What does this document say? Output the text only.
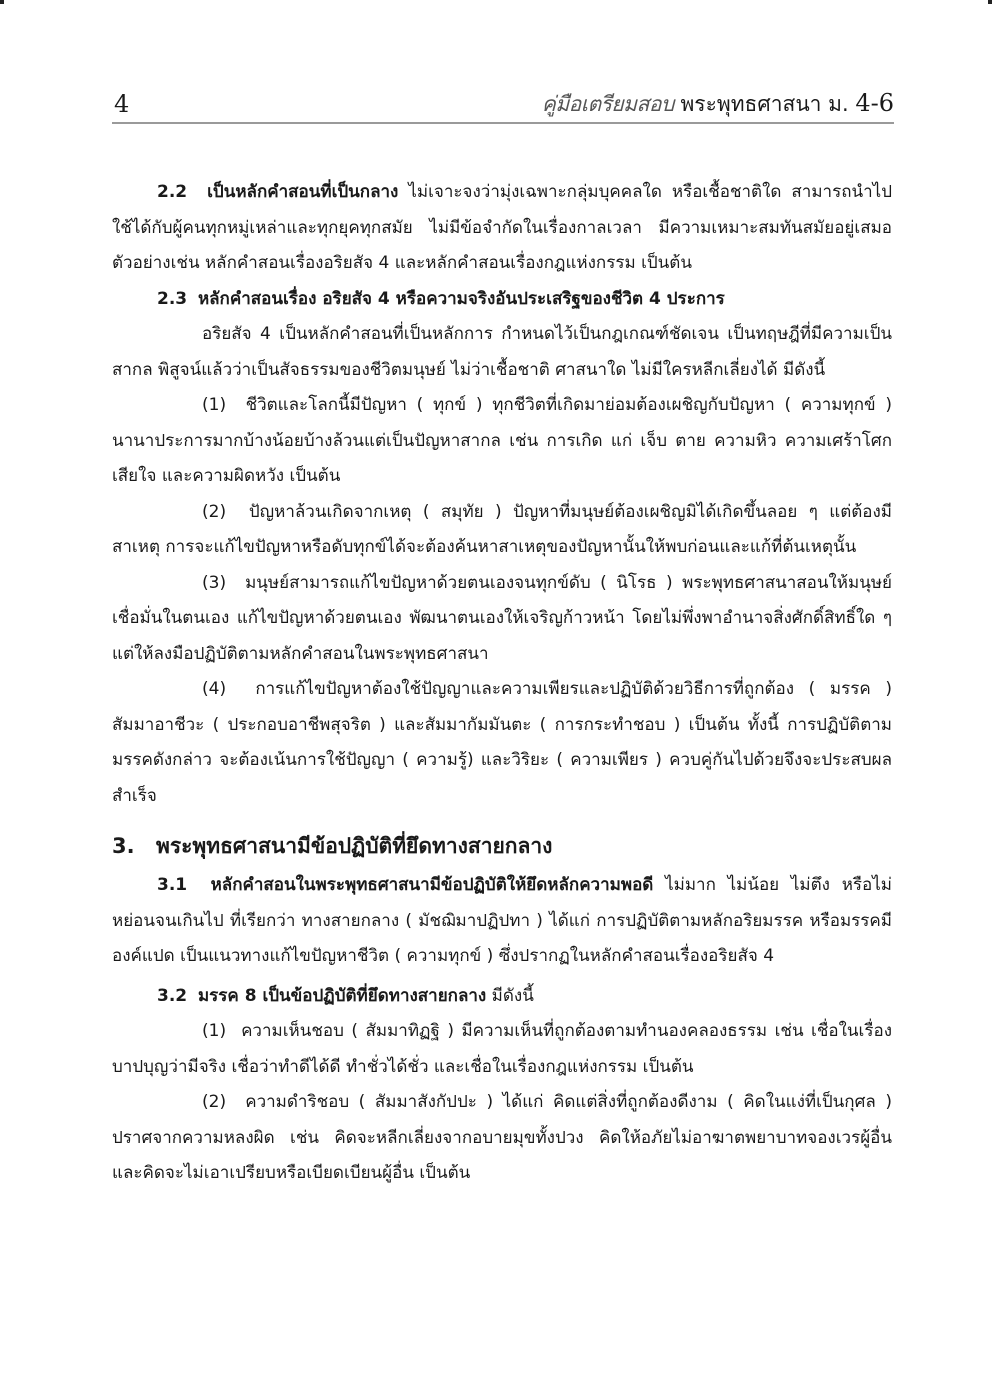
4	คู่มือเตรียมสอบ พระพุทธศาสนา ม. 4-6

2.2 เป็นหลักคำสอนที่เป็นกลาง ไม่เจาะจงว่ามุ่งเฉพาะกลุ่มบุคคลใด หรือเชื้อชาติใด สามารถนำไปใช้ได้กับผู้คนทุกหมู่เหล่าและทุกยุคทุกสมัย ไม่มีข้อจำกัดในเรื่องกาลเวลา มีความเหมาะสมทันสมัยอยู่เสมอ ตัวอย่างเช่น หลักคำสอนเรื่องอริยสัจ 4 และหลักคำสอนเรื่องกฎแห่งกรรม เป็นต้น

2.3 หลักคำสอนเรื่อง อริยสัจ 4 หรือความจริงอันประเสริฐของชีวิต 4 ประการ

อริยสัจ 4 เป็นหลักคำสอนที่เป็นหลักการ กำหนดไว้เป็นกฎเกณฑ์ชัดเจน เป็นทฤษฎีที่มีความเป็นสากล พิสูจน์แล้วว่าเป็นสัจธรรมของชีวิตมนุษย์ ไม่ว่าเชื้อชาติ ศาสนาใด ไม่มีใครหลีกเลี่ยงได้ มีดังนี้

(1) ชีวิตและโลกนี้มีปัญหา ( ทุกข์ ) ทุกชีวิตที่เกิดมาย่อมต้องเผชิญกับปัญหา ( ความทุกข์ ) นานาประการมากบ้างน้อยบ้างล้วนแต่เป็นปัญหาสากล เช่น การเกิด แก่ เจ็บ ตาย ความหิว ความเศร้าโศกเสียใจ และความผิดหวัง เป็นต้น

(2) ปัญหาล้วนเกิดจากเหตุ ( สมุทัย ) ปัญหาที่มนุษย์ต้องเผชิญมิได้เกิดขึ้นลอย ๆ แต่ต้องมีสาเหตุ การจะแก้ไขปัญหาหรือดับทุกข์ได้จะต้องค้นหาสาเหตุของปัญหานั้นให้พบก่อนและแก้ที่ต้นเหตุนั้น

(3) มนุษย์สามารถแก้ไขปัญหาด้วยตนเองจนทุกข์ดับ ( นิโรธ ) พระพุทธศาสนาสอนให้มนุษย์เชื่อมั่นในตนเอง แก้ไขปัญหาด้วยตนเอง พัฒนาตนเองให้เจริญก้าวหน้า โดยไม่พึ่งพาอำนาจสิ่งศักดิ์สิทธิ์ใด ๆ แต่ให้ลงมือปฏิบัติตามหลักคำสอนในพระพุทธศาสนา

(4) การแก้ไขปัญหาต้องใช้ปัญญาและความเพียรและปฏิบัติด้วยวิธีการที่ถูกต้อง ( มรรค ) สัมมาอาชีวะ ( ประกอบอาชีพสุจริต ) และสัมมากัมมันตะ ( การกระทำชอบ ) เป็นต้น ทั้งนี้ การปฏิบัติตามมรรคดังกล่าว จะต้องเน้นการใช้ปัญญา ( ความรู้) และวิริยะ ( ความเพียร ) ควบคู่กันไปด้วยจึงจะประสบผลสำเร็จ

3. พระพุทธศาสนามีข้อปฏิบัติที่ยึดทางสายกลาง

3.1 หลักคำสอนในพระพุทธศาสนามีข้อปฏิบัติให้ยึดหลักความพอดี ไม่มาก ไม่น้อย ไม่ตึง หรือไม่หย่อนจนเกินไป ที่เรียกว่า ทางสายกลาง ( มัชฌิมาปฏิปทา ) ได้แก่ การปฏิบัติตามหลักอริยมรรค หรือมรรคมีองค์แปด เป็นแนวทางแก้ไขปัญหาชีวิต ( ความทุกข์ ) ซึ่งปรากฏในหลักคำสอนเรื่องอริยสัจ 4

3.2 มรรค 8 เป็นข้อปฏิบัติที่ยึดทางสายกลาง มีดังนี้

(1) ความเห็นชอบ ( สัมมาทิฏฐิ ) มีความเห็นที่ถูกต้องตามทำนองคลองธรรม เช่น เชื่อในเรื่องบาปบุญว่ามีจริง เชื่อว่าทำดีได้ดี ทำชั่วได้ชั่ว และเชื่อในเรื่องกฎแห่งกรรม เป็นต้น

(2) ความดำริชอบ ( สัมมาสังกัปปะ ) ได้แก่ คิดแต่สิ่งที่ถูกต้องดีงาม ( คิดในแง่ที่เป็นกุศล ) ปราศจากความหลงผิด เช่น คิดจะหลีกเลี่ยงจากอบายมุขทั้งปวง คิดให้อภัยไม่อาฆาตพยาบาทจองเวรผู้อื่น และคิดจะไม่เอาเปรียบหรือเบียดเบียนผู้อื่น เป็นต้น
